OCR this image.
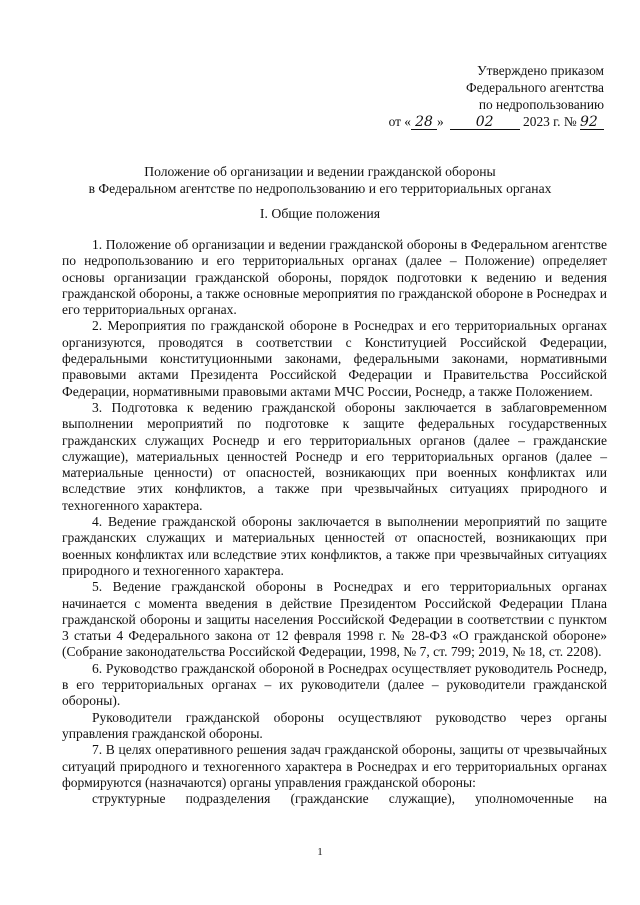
Утверждено приказом
Федерального агентства
по недропользованию
от « 28 » 02 2023 г. № 92
Положение об организации и ведении гражданской обороны
в Федеральном агентстве по недропользованию и его территориальных органах
I. Общие положения

1. Положение об организации и ведении гражданской обороны в Федеральном агентстве по недропользованию и его территориальных органах (далее – Положение) определяет основы организации гражданской обороны, порядок подготовки к ведению и ведения гражданской обороны, а также основные мероприятия по гражданской обороне в Роснедрах и его территориальных органах.

2. Мероприятия по гражданской обороне в Роснедрах и его территориальных органах организуются, проводятся в соответствии с Конституцией Российской Федерации, федеральными конституционными законами, федеральными законами, нормативными правовыми актами Президента Российской Федерации и Правительства Российской Федерации, нормативными правовыми актами МЧС России, Роснедр, а также Положением.

3. Подготовка к ведению гражданской обороны заключается в заблаговременном выполнении мероприятий по подготовке к защите федеральных государственных гражданских служащих Роснедр и его территориальных органов (далее – гражданские служащие), материальных ценностей Роснедр и его территориальных органов (далее – материальные ценности) от опасностей, возникающих при военных конфликтах или вследствие этих конфликтов, а также при чрезвычайных ситуациях природного и техногенного характера.

4. Ведение гражданской обороны заключается в выполнении мероприятий по защите гражданских служащих и материальных ценностей от опасностей, возникающих при военных конфликтах или вследствие этих конфликтов, а также при чрезвычайных ситуациях природного и техногенного характера.

5. Ведение гражданской обороны в Роснедрах и его территориальных органах начинается с момента введения в действие Президентом Российской Федерации Плана гражданской обороны и защиты населения Российской Федерации в соответствии с пунктом 3 статьи 4 Федерального закона от 12 февраля 1998 г. № 28-ФЗ «О гражданской обороне» (Собрание законодательства Российской Федерации, 1998, № 7, ст. 799; 2019, № 18, ст. 2208).

6. Руководство гражданской обороной в Роснедрах осуществляет руководитель Роснедр, в его территориальных органах – их руководители (далее – руководители гражданской обороны).

Руководители гражданской обороны осуществляют руководство через органы управления гражданской обороны.

7. В целях оперативного решения задач гражданской обороны, защиты от чрезвычайных ситуаций природного и техногенного характера в Роснедрах и его территориальных органах формируются (назначаются) органы управления гражданской обороны:

структурные подразделения (гражданские служащие), уполномоченные на

1
